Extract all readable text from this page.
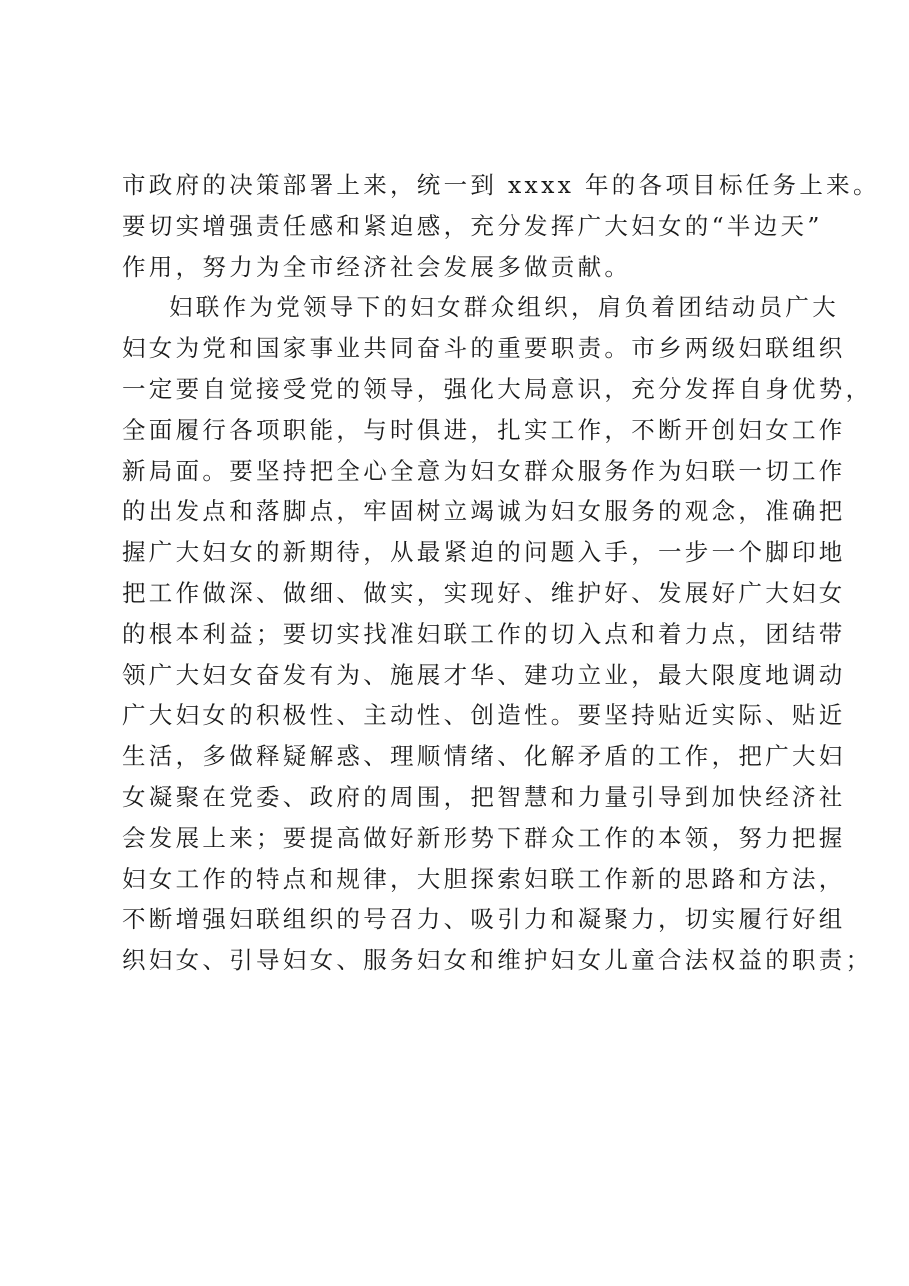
市政府的决策部署上来，统一到 xxxx 年的各项目标任务上来。
要切实增强责任感和紧迫感，充分发挥广大妇女的“半边天”
作用，努力为全市经济社会发展多做贡献。
妇联作为党领导下的妇女群众组织，肩负着团结动员广大
妇女为党和国家事业共同奋斗的重要职责。市乡两级妇联组织
一定要自觉接受党的领导，强化大局意识，充分发挥自身优势，
全面履行各项职能，与时俱进，扎实工作，不断开创妇女工作
新局面。要坚持把全心全意为妇女群众服务作为妇联一切工作
的出发点和落脚点，牢固树立竭诚为妇女服务的观念，准确把
握广大妇女的新期待，从最紧迫的问题入手，一步一个脚印地
把工作做深、做细、做实，实现好、维护好、发展好广大妇女
的根本利益；要切实找准妇联工作的切入点和着力点，团结带
领广大妇女奋发有为、施展才华、建功立业，最大限度地调动
广大妇女的积极性、主动性、创造性。要坚持贴近实际、贴近
生活，多做释疑解惑、理顺情绪、化解矛盾的工作，把广大妇
女凝聚在党委、政府的周围，把智慧和力量引导到加快经济社
会发展上来；要提高做好新形势下群众工作的本领，努力把握
妇女工作的特点和规律，大胆探索妇联工作新的思路和方法，
不断增强妇联组织的号召力、吸引力和凝聚力，切实履行好组
织妇女、引导妇女、服务妇女和维护妇女儿童合法权益的职责；
